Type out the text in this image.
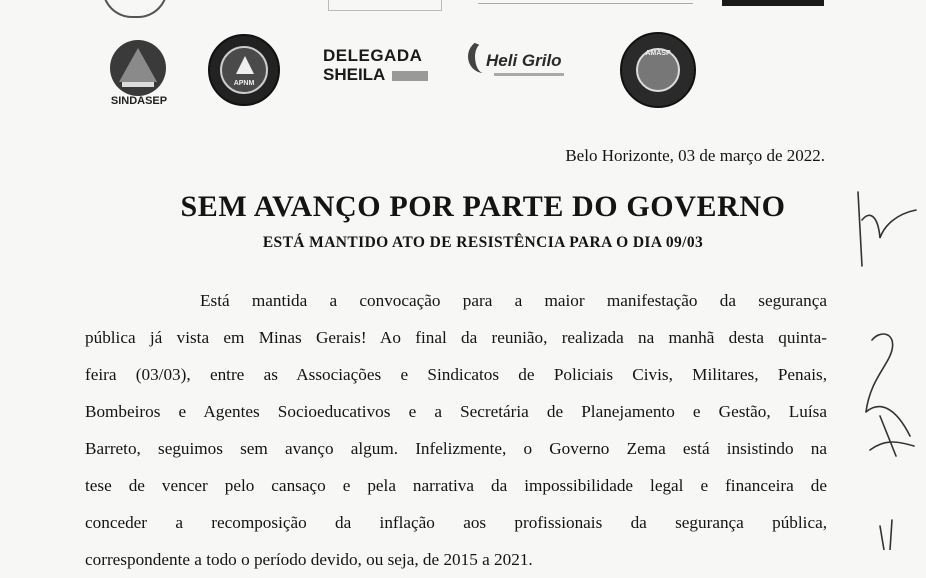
SINDASEP
APNM
DELEGADA
SHEILA
Heli Grilo	AMASP
Belo Horizonte, 03 de março de 2022.
SEM AVANÇO POR PARTE DO GOVERNO
ESTÁ MANTIDO ATO DE RESISTÊNCIA PARA O DIA 09/03
Está mantida a convocação para a maior manifestação da segurança
pública já vista em Minas Gerais! Ao final da reunião, realizada na manhã desta quinta-
feira (03/03), entre as Associações e Sindicatos de Policiais Civis, Militares, Penais,
Bombeiros e Agentes Socioeducativos e a Secretária de Planejamento e Gestão, Luísa
Barreto, seguimos sem avanço algum. Infelizmente, o Governo Zema está insistindo na
tese de vencer pelo cansaço e pela narrativa da impossibilidade legal e financeira de
conceder a recomposição da inflação aos profissionais da segurança pública,
correspondente a todo o período devido, ou seja, de 2015 a 2021.
